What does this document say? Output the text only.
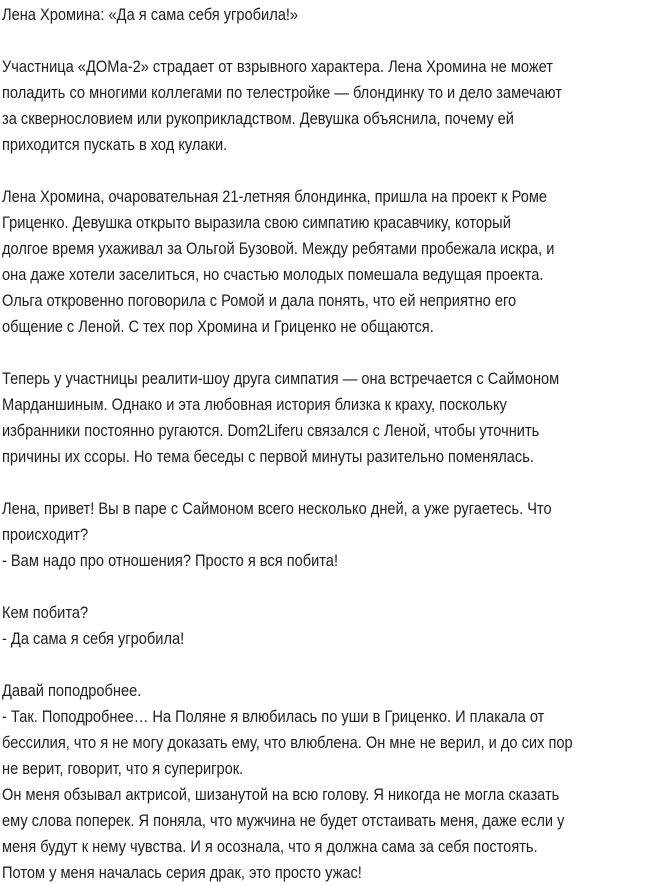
Лена Хромина: «Да я сама себя угробила!»
Участница «ДОМа-2» страдает от взрывного характера. Лена Хромина не может
поладить со многими коллегами по телестройке — блондинку то и дело замечают
за сквернословием или рукоприкладством. Девушка объяснила, почему ей
приходится пускать в ход кулаки.
Лена Хромина, очаровательная 21-летняя блондинка, пришла на проект к Роме
Гриценко. Девушка открыто выразила свою симпатию красавчику, который
долгое время ухаживал за Ольгой Бузовой. Между ребятами пробежала искра, и
она даже хотели заселиться, но счастью молодых помешала ведущая проекта.
Ольга откровенно поговорила с Ромой и дала понять, что ей неприятно его
общение с Леной. С тех пор Хромина и Гриценко не общаются.
Теперь у участницы реалити-шоу друга симпатия — она встречается с Саймоном
Марданшиным. Однако и эта любовная история близка к краху, поскольку
избранники постоянно ругаются. Dom2Liferu связался с Леной, чтобы уточнить
причины их ссоры. Но тема беседы с первой минуты разительно поменялась.
Лена, привет! Вы в паре с Саймоном всего несколько дней, а уже ругаетесь. Что
происходит?
- Вам надо про отношения? Просто я вся побита!
Кем побита?
- Да сама я себя угробила!
Давай поподробнее.
- Так. Поподробнее… На Поляне я влюбилась по уши в Гриценко. И плакала от
бессилия, что я не могу доказать ему, что влюблена. Он мне не верил, и до сих пор
не верит, говорит, что я суперигрок.
Он меня обзывал актрисой, шизанутой на всю голову. Я никогда не могла сказать
ему слова поперек. Я поняла, что мужчина не будет отстаивать меня, даже если у
меня будут к нему чувства. И я осознала, что я должна сама за себя постоять.
Потом у меня началась серия драк, это просто ужас!
